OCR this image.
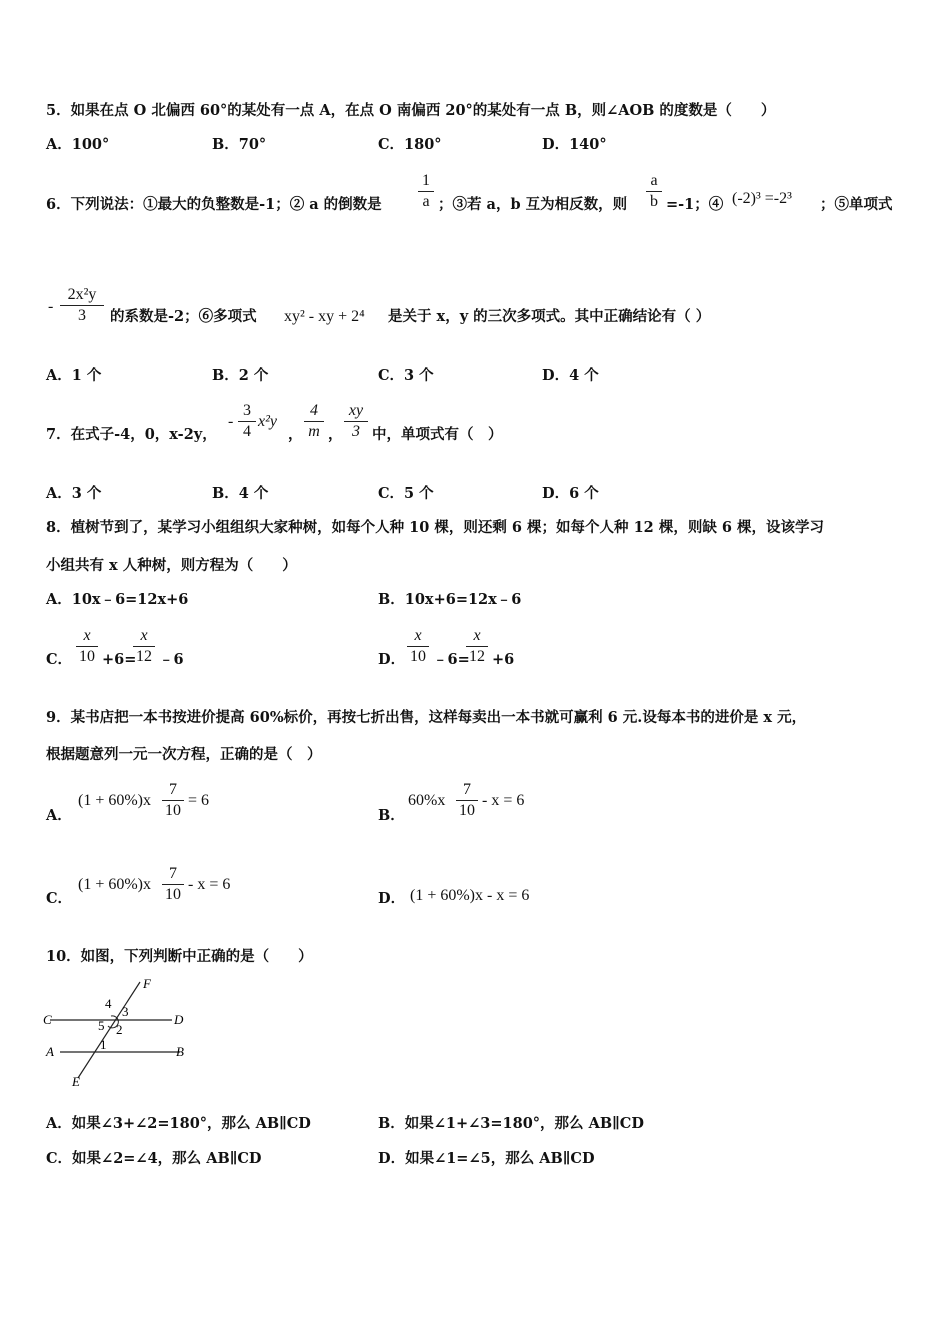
5．如果在点 O 北偏西 60°的某处有一点 A，在点 O 南偏西 20°的某处有一点 B，则∠AOB 的度数是（　　）
A．100°	B．70°	C．180°	D．140°
6．下列说法：①最大的负整数是-1；② a 的倒数是
1
a ；③若 a，b 互为相反数，则
a
b =-1；④ (-2)³ =-2³ ；⑤单项式
-
2x²y
3	的系数是-2；⑥多项式 xy² - xy + 2⁴ 是关于 x，y 的三次多项式。其中正确结论有（ ）
A．1 个	B．2 个	C．3 个	D．4 个
7．在式子-4，0，x-2y，
-
3
4
x²y
，
4
m ，
xy
3 中，单项式有（　）
A．3 个	B．4 个	C．5 个	D．6 个
8．植树节到了，某学习小组组织大家种树，如每个人种 10 棵，则还剩 6 棵；如每个人种 12 棵，则缺 6 棵，设该学习
小组共有 x 人种树，则方程为（　　）
A．10x﹣6=12x+6	B．10x+6=12x﹣6
C．
x
10 +6=
x
12 ﹣6	D．
x
10 ﹣6=
x
12 +6
9．某书店把一本书按进价提高 60%标价，再按七折出售，这样每卖出一本书就可赢利 6 元.设每本书的进价是 x 元，
根据题意列一元一次方程，正确的是（　）
A．
(1 + 60%)x
7
10
= 6
B．
60%x
7
10
- x = 6
C．
(1 + 60%)x
7
10
- x = 6
D． (1 + 60%)x - x = 6
10．如图，下列判断中正确的是（　　）
F
C	D
A	B
E
4
3
5 2
1
A．如果∠3+∠2=180°，那么 AB∥CD	B．如果∠1+∠3=180°，那么 AB∥CD
C．如果∠2=∠4，那么 AB∥CD	D．如果∠1=∠5，那么 AB∥CD
